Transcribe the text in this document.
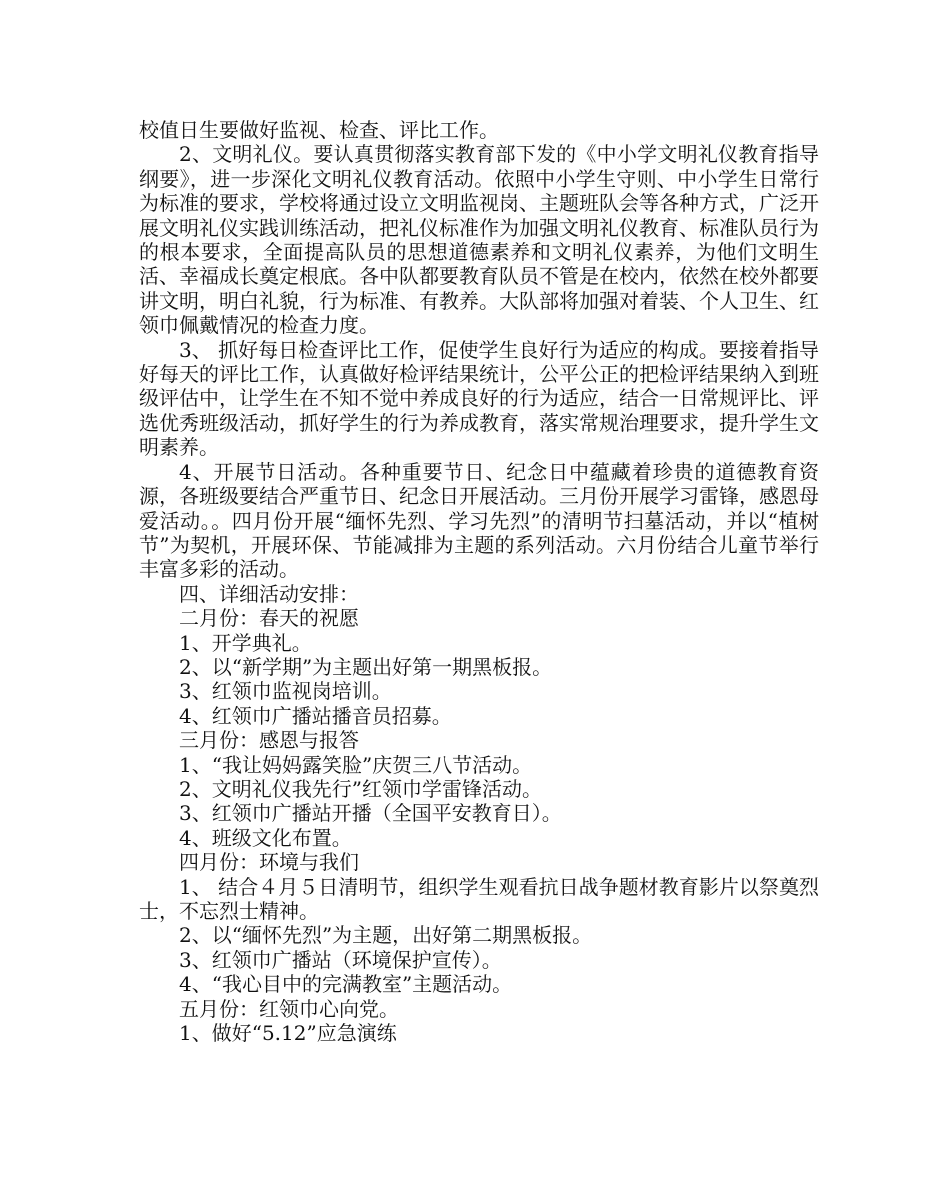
校值日生要做好监视、检查、评比工作。

2、文明礼仪。要认真贯彻落实教育部下发的《中小学文明礼仪教育指导纲要》，进一步深化文明礼仪教育活动。依照中小学生守则、中小学生日常行为标准的要求，学校将通过设立文明监视岗、主题班队会等各种方式，广泛开展文明礼仪实践训练活动，把礼仪标准作为加强文明礼仪教育、标准队员行为的根本要求，全面提高队员的思想道德素养和文明礼仪素养，为他们文明生活、幸福成长奠定根底。各中队都要教育队员不管是在校内，依然在校外都要讲文明，明白礼貌，行为标准、有教养。大队部将加强对着装、个人卫生、红领巾佩戴情况的检查力度。

3、 抓好每日检查评比工作，促使学生良好行为适应的构成。要接着指导好每天的评比工作，认真做好检评结果统计，公平公正的把检评结果纳入到班级评估中，让学生在不知不觉中养成良好的行为适应，结合一日常规评比、评选优秀班级活动，抓好学生的行为养成教育，落实常规治理要求，提升学生文明素养。

4、开展节日活动。各种重要节日、纪念日中蕴藏着珍贵的道德教育资源，各班级要结合严重节日、纪念日开展活动。三月份开展学习雷锋，感恩母爱活动。。四月份开展“缅怀先烈、学习先烈”的清明节扫墓活动，并以“植树节”为契机，开展环保、节能减排为主题的系列活动。六月份结合儿童节举行丰富多彩的活动。

四、详细活动安排：

二月份：春天的祝愿

1、开学典礼。

2、以“新学期”为主题出好第一期黑板报。

3、红领巾监视岗培训。

4、红领巾广播站播音员招募。

三月份：感恩与报答

1、“我让妈妈露笑脸”庆贺三八节活动。

2、文明礼仪我先行”红领巾学雷锋活动。

3、红领巾广播站开播（全国平安教育日）。

4、班级文化布置。

四月份：环境与我们

1、 结合４月５日清明节，组织学生观看抗日战争题材教育影片以祭奠烈士，不忘烈士精神。

2、以“缅怀先烈”为主题，出好第二期黑板报。

3、红领巾广播站（环境保护宣传）。

4、“我心目中的完满教室”主题活动。

五月份：红领巾心向党。

1、做好“5.12”应急演练
